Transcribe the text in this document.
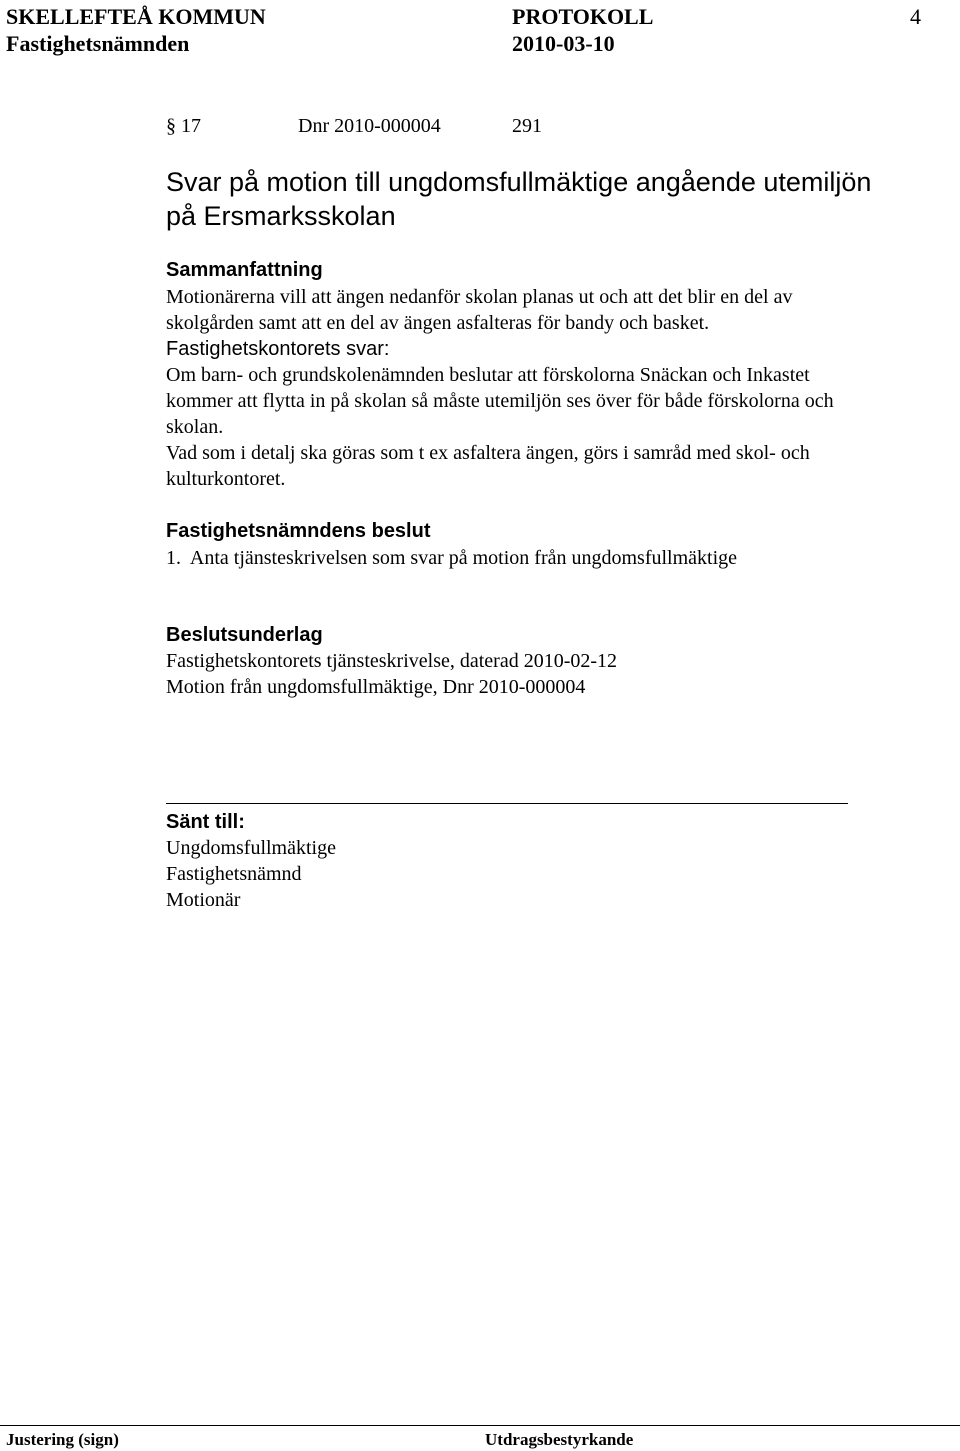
SKELLEFTEÅ KOMMUN	PROTOKOLL	4
Fastighetsnämnden	2010-03-10
§ 17	Dnr 2010-000004	291
Svar på motion till ungdomsfullmäktige angående utemiljön
på Ersmarksskolan
Sammanfattning
Motionärerna vill att ängen nedanför skolan planas ut och att det blir en del av
skolgården samt att en del av ängen asfalteras för bandy och basket.
Fastighetskontorets svar:
Om barn- och grundskolenämnden beslutar att förskolorna Snäckan och Inkastet
kommer att flytta in på skolan så måste utemiljön ses över för både förskolorna och
skolan.
Vad som i detalj ska göras som t ex asfaltera ängen, görs i samråd med skol- och
kulturkontoret.
Fastighetsnämndens beslut
1.  Anta tjänsteskrivelsen som svar på motion från ungdomsfullmäktige
Beslutsunderlag
Fastighetskontorets tjänsteskrivelse, daterad 2010-02-12
Motion från ungdomsfullmäktige, Dnr 2010-000004
Sänt till:
Ungdomsfullmäktige
Fastighetsnämnd
Motionär
Justering (sign)	Utdragsbestyrkande
